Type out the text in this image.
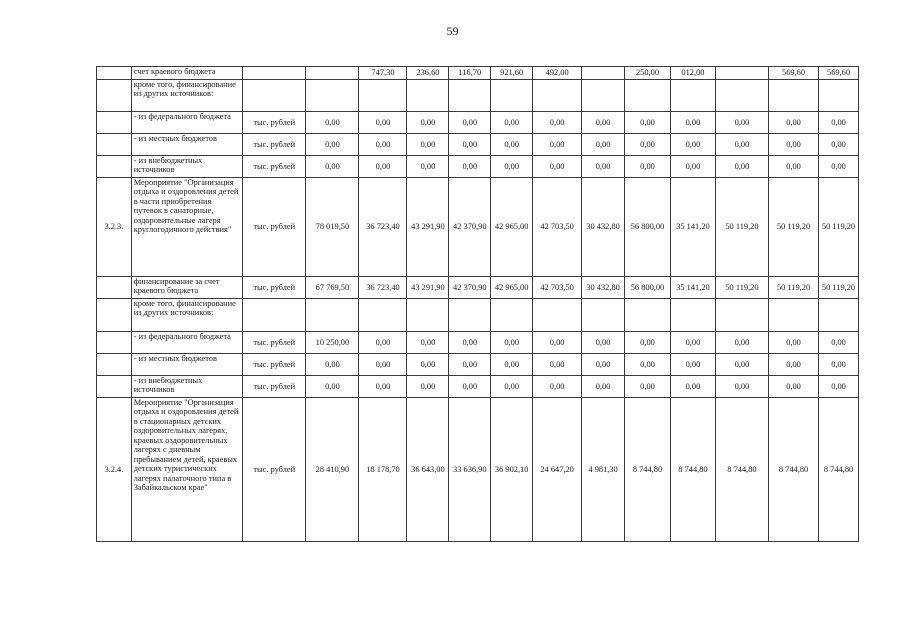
59
	счет краевого бюджета			747,30	236,60	116,70	921,60	492,00		250,00	012,00		569,60	569,60
	кроме того, финансирование из других источников:													
	- из федерального бюджета	тыс. рублей	0,00	0,00	0,00	0,00	0,00	0,00	0,00	0,00	0,00	0,00	0,00	0,00
	- из местных бюджетов	тыс. рублей	0,00	0,00	0,00	0,00	0,00	0,00	0,00	0,00	0,00	0,00	0,00	0,00
	- из внебюджетных источников	тыс. рублей	0,00	0,00	0,00	0,00	0,00	0,00	0,00	0,00	0,00	0,00	0,00	0,00
3.2.3.	Мероприятие "Организация отдыха и оздоровления детей в части приобретения путевок в санаторные, оздоровительные лагеря круглогодичного действия"	тыс. рублей	78 019,50	36 723,40	43 291,90	42 370,90	42 965,00	42 703,50	30 432,80	56 800,00	35 141,20	50 119,20	50 119,20	50 119,20
	финансирование за счет краевого бюджета	тыс. рублей	67 769,50	36 723,40	43 291,90	42 370,90	42 965,00	42 703,50	30 432,80	56 800,00	35 141,20	50 119,20	50 119,20	50 119,20
	кроме того, финансирование из других источников:													
	- из федерального бюджета	тыс. рублей	10 250,00	0,00	0,00	0,00	0,00	0,00	0,00	0,00	0,00	0,00	0,00	0,00
	- из местных бюджетов	тыс. рублей	0,00	0,00	0,00	0,00	0,00	0,00	0,00	0,00	0,00	0,00	0,00	0,00
	- из внебюджетных источников	тыс. рублей	0,00	0,00	0,00	0,00	0,00	0,00	0,00	0,00	0,00	0,00	0,00	0,00
3.2.4.	Мероприятие "Организация отдыха и оздоровления детей в стационарных детских оздоровительных лагерях, краевых оздоровительных лагерях с дневным пребыванием детей, краевых детских туристических лагерях палаточного типа в Забайкальском крае"	тыс. рублей	28 410,90	18 178,70	36 643,00	33 636,90	36 902,10	24 647,20	4 981,30	8 744,80	8 744,80	8 744,80	8 744,80	8 744,80
